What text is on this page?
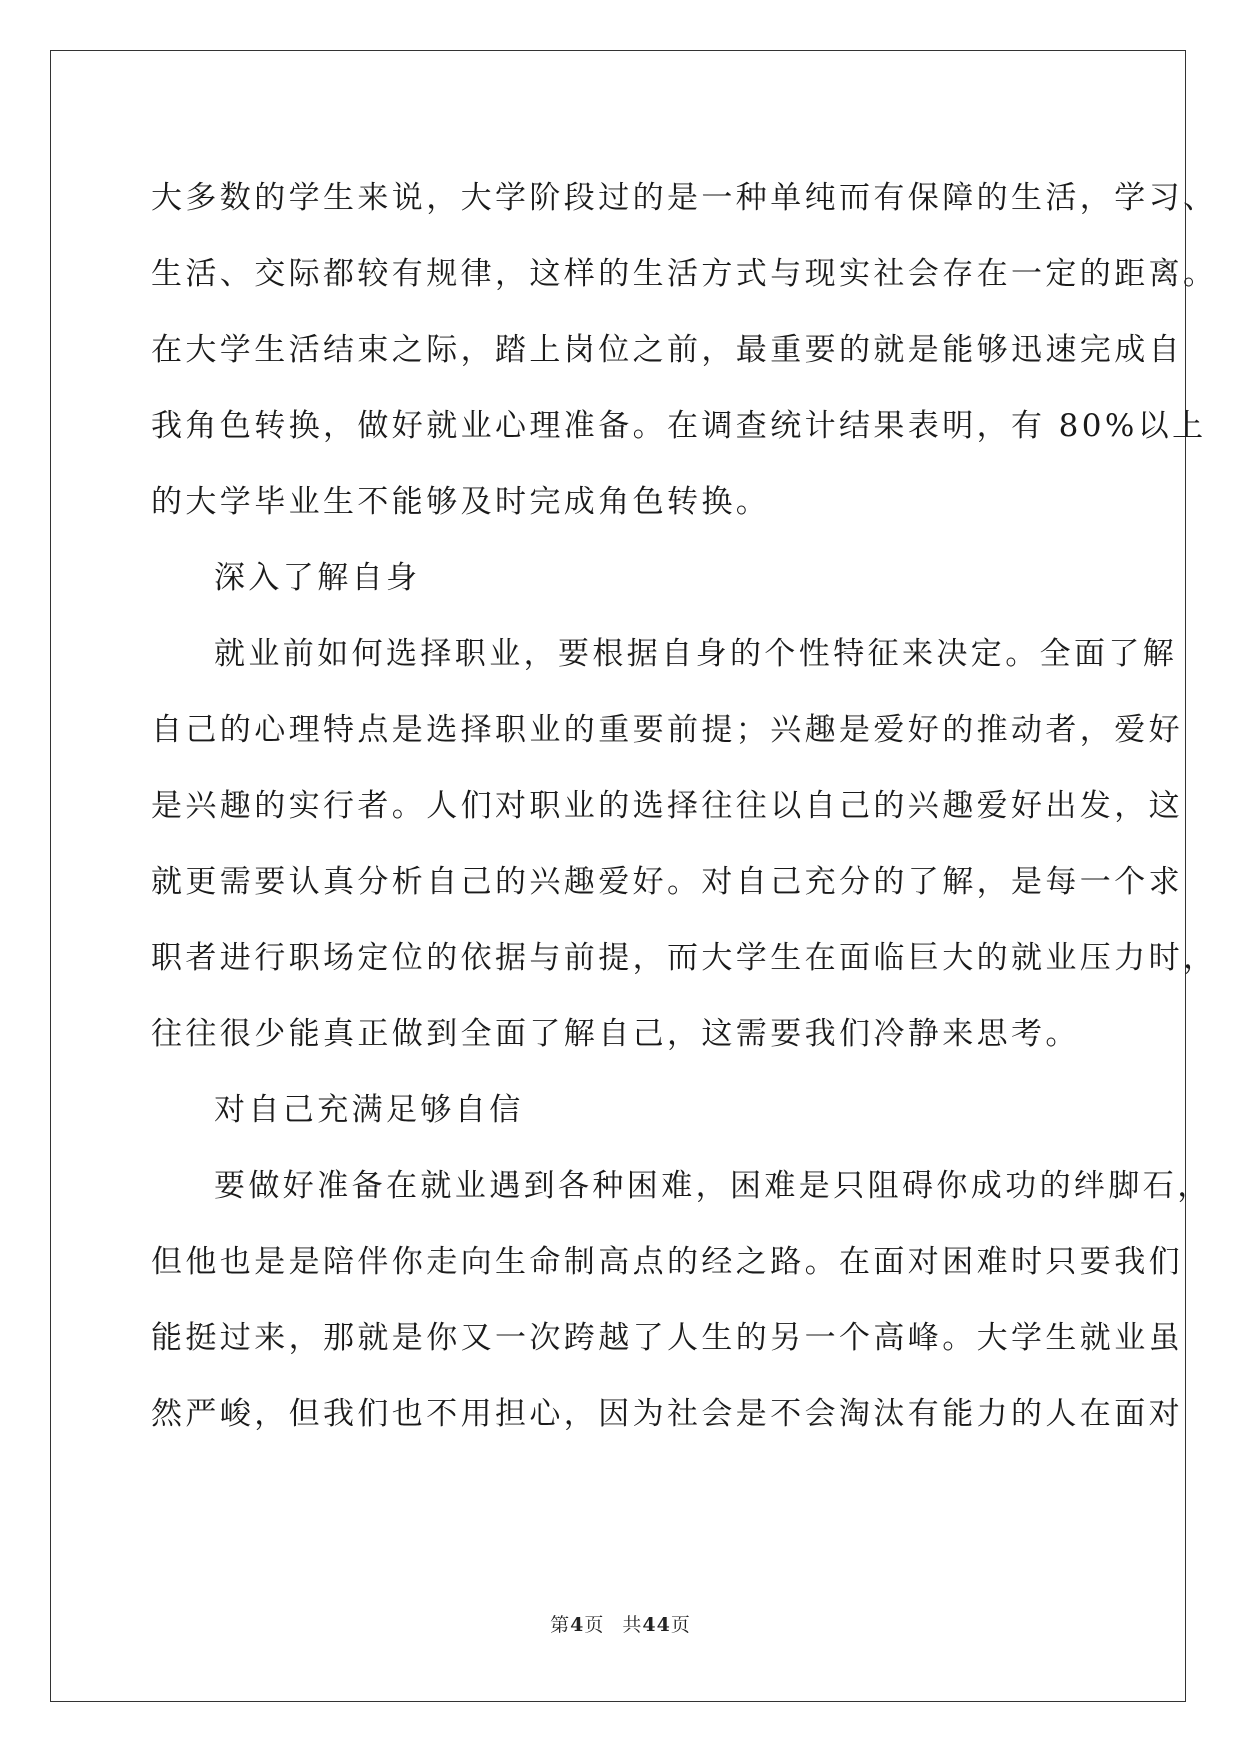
大多数的学生来说，大学阶段过的是一种单纯而有保障的生活，学习、
生活、交际都较有规律，这样的生活方式与现实社会存在一定的距离。
在大学生活结束之际，踏上岗位之前，最重要的就是能够迅速完成自
我角色转换，做好就业心理准备。在调查统计结果表明，有 80%以上
的大学毕业生不能够及时完成角色转换。
深入了解自身
就业前如何选择职业，要根据自身的个性特征来决定。全面了解
自己的心理特点是选择职业的重要前提；兴趣是爱好的推动者，爱好
是兴趣的实行者。人们对职业的选择往往以自己的兴趣爱好出发，这
就更需要认真分析自己的兴趣爱好。对自己充分的了解，是每一个求
职者进行职场定位的依据与前提，而大学生在面临巨大的就业压力时，
往往很少能真正做到全面了解自己，这需要我们冷静来思考。
对自己充满足够自信
要做好准备在就业遇到各种困难，困难是只阻碍你成功的绊脚石，
但他也是是陪伴你走向生命制高点的经之路。在面对困难时只要我们
能挺过来，那就是你又一次跨越了人生的另一个高峰。大学生就业虽
然严峻，但我们也不用担心，因为社会是不会淘汰有能力的人在面对
第4页 共44页
